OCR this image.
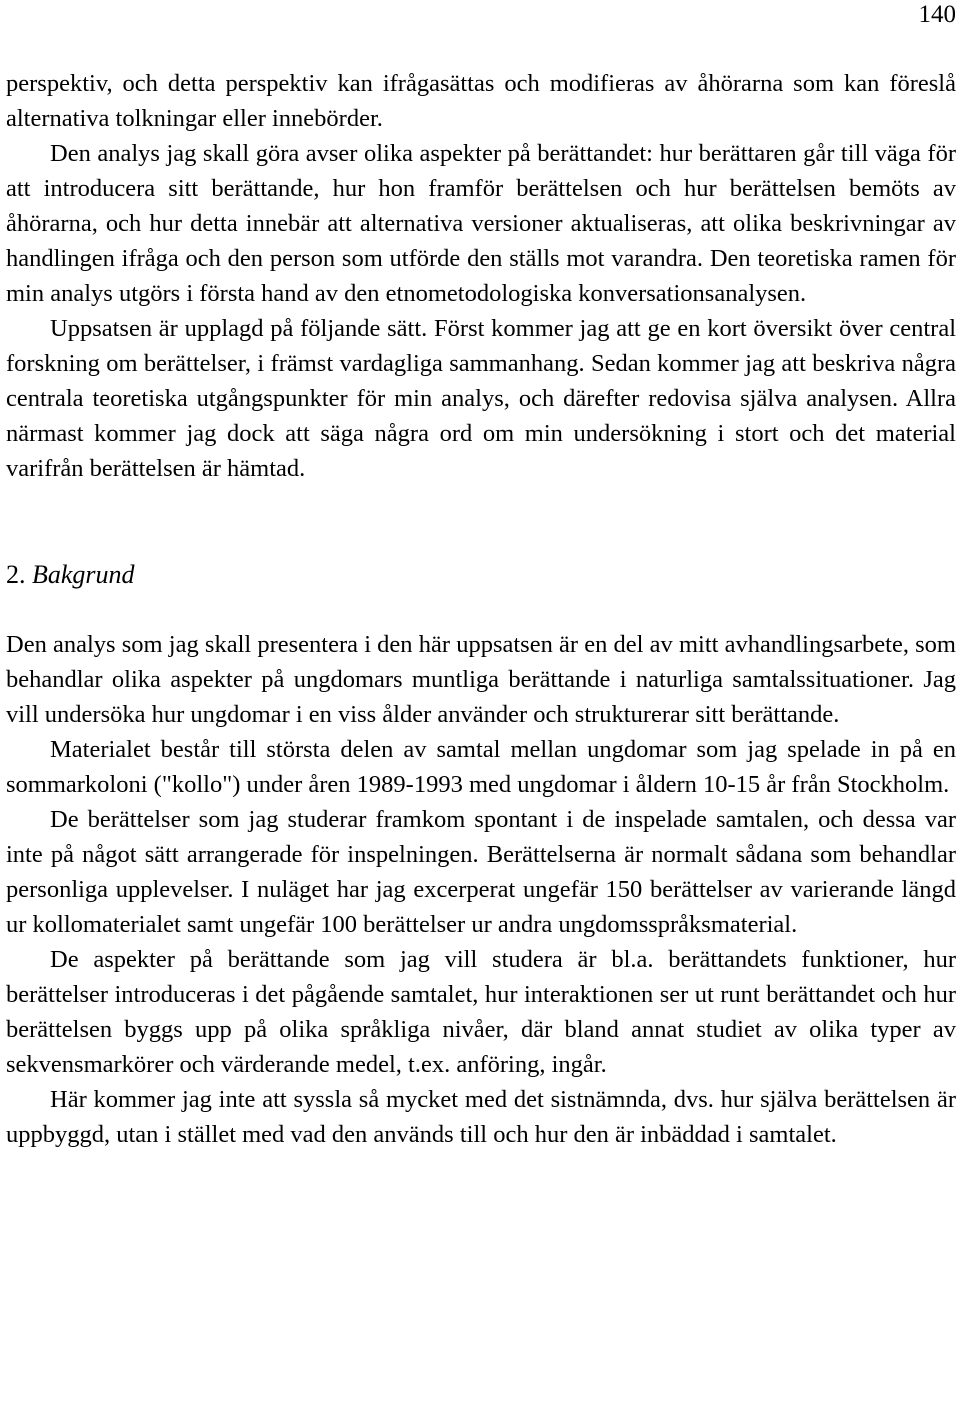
140

perspektiv, och detta perspektiv kan ifrågasättas och modifieras av åhörarna som kan föreslå alternativa tolkningar eller innebörder.

Den analys jag skall göra avser olika aspekter på berättandet: hur berättaren går till väga för att introducera sitt berättande, hur hon framför berättelsen och hur berättelsen bemöts av åhörarna, och hur detta innebär att alternativa versioner aktualiseras, att olika beskrivningar av handlingen ifråga och den person som utförde den ställs mot varandra. Den teoretiska ramen för min analys utgörs i första hand av den etnometodologiska konversationsanalysen.

Uppsatsen är upplagd på följande sätt. Först kommer jag att ge en kort översikt över central forskning om berättelser, i främst vardagliga sammanhang. Sedan kommer jag att beskriva några centrala teoretiska utgångspunkter för min analys, och därefter redovisa själva analysen. Allra närmast kommer jag dock att säga några ord om min undersökning i stort och det material varifrån berättelsen är hämtad.

2. Bakgrund

Den analys som jag skall presentera i den här uppsatsen är en del av mitt avhandlingsarbete, som behandlar olika aspekter på ungdomars muntliga berättande i naturliga samtalssituationer. Jag vill undersöka hur ungdomar i en viss ålder använder och strukturerar sitt berättande.

Materialet består till största delen av samtal mellan ungdomar som jag spelade in på en sommarkoloni ("kollo") under åren 1989-1993 med ungdomar i åldern 10-15 år från Stockholm.

De berättelser som jag studerar framkom spontant i de inspelade samtalen, och dessa var inte på något sätt arrangerade för inspelningen. Berättelserna är normalt sådana som behandlar personliga upplevelser. I nuläget har jag excerperat ungefär 150 berättelser av varierande längd ur kollomaterialet samt ungefär 100 berättelser ur andra ungdomsspråksmaterial.

De aspekter på berättande som jag vill studera är bl.a. berättandets funktioner, hur berättelser introduceras i det pågående samtalet, hur interaktionen ser ut runt berättandet och hur berättelsen byggs upp på olika språkliga nivåer, där bland annat studiet av olika typer av sekvensmarkörer och värderande medel, t.ex. anföring, ingår.

Här kommer jag inte att syssla så mycket med det sistnämnda, dvs. hur själva berättelsen är uppbyggd, utan i stället med vad den används till och hur den är inbäddad i samtalet.
